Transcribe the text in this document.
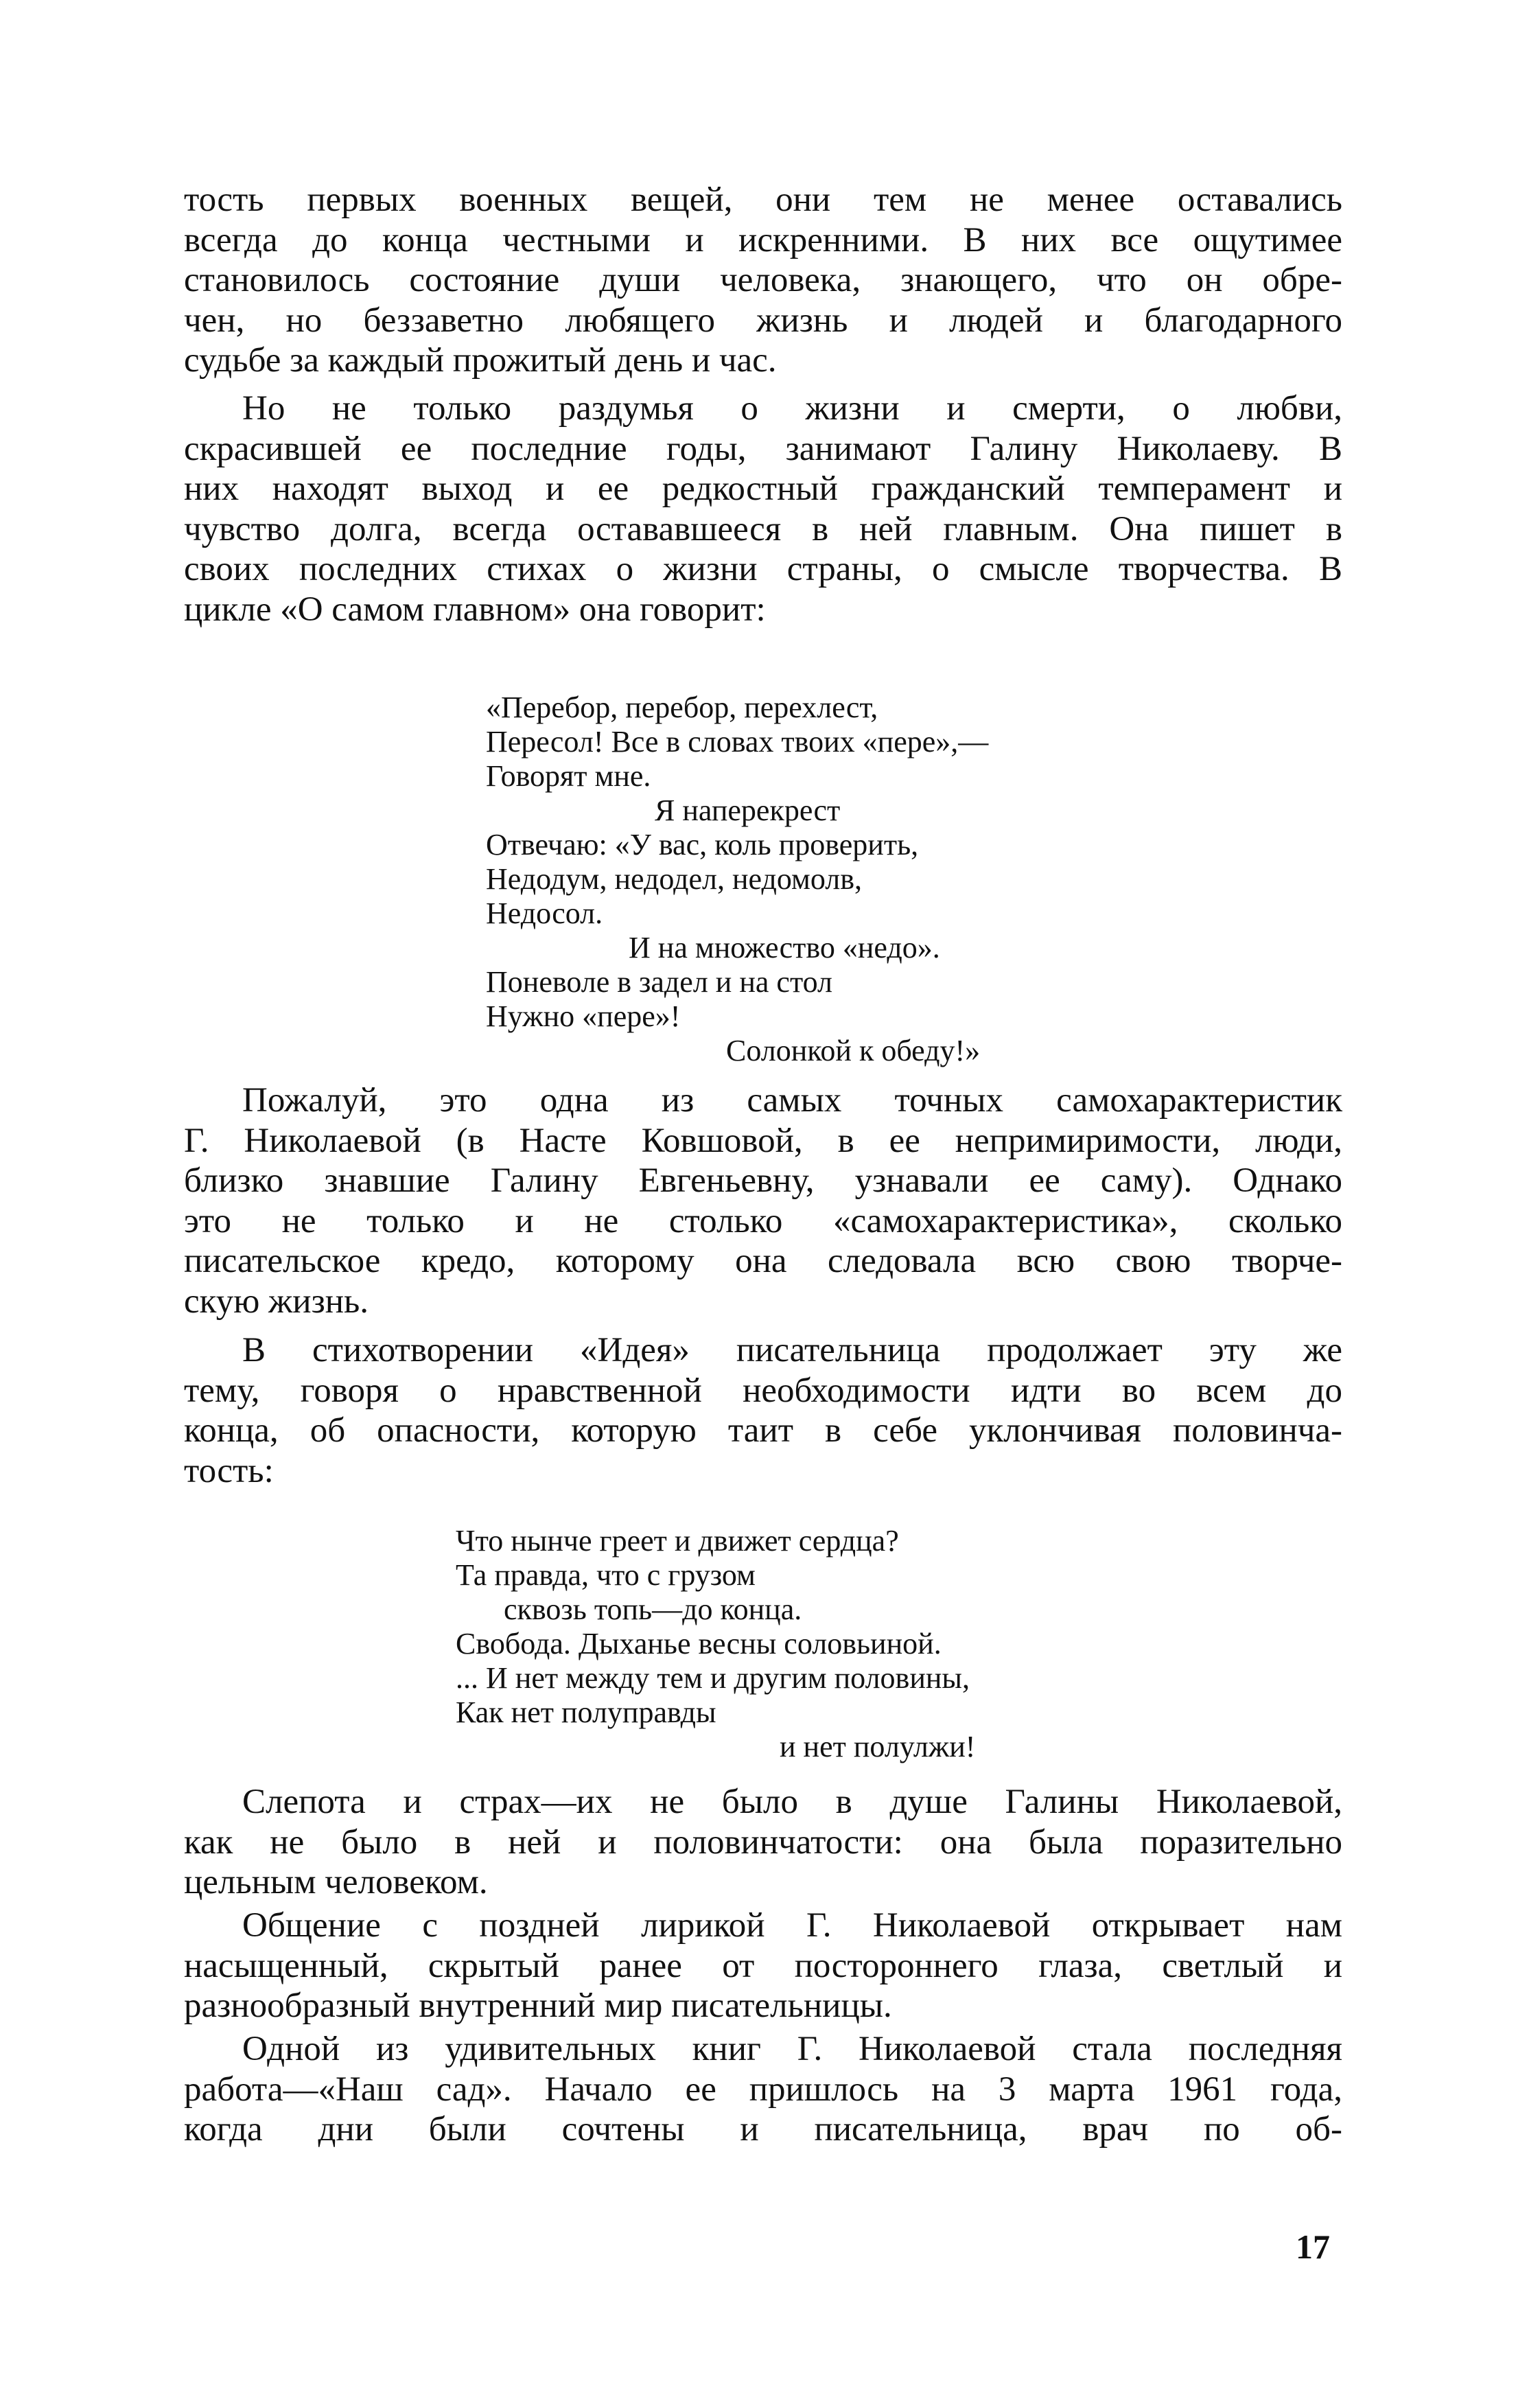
тость первых военных вещей, они тем не менее оставались
всегда до конца честными и искренними. В них все ощутимее
становилось состояние души человека, знающего, что он обре-
чен, но беззаветно любящего жизнь и людей и благодарного
судьбе за каждый прожитый день и час.
Но не только раздумья о жизни и смерти, о любви,
скрасившей ее последние годы, занимают Галину Николаеву. В
них находят выход и ее редкостный гражданский темперамент и
чувство долга, всегда остававшееся в ней главным. Она пишет в
своих последних стихах о жизни страны, о смысле творчества. В
цикле «О самом главном» она говорит:
«Перебор, перебор, перехлест,
Пересол! Все в словах твоих «пере»,—
Говорят мне.
Я наперекрест
Отвечаю: «У вас, коль проверить,
Недодум, недодел, недомолв,
Недосол.
И на множество «недо».
Поневоле в задел и на стол
Нужно «пере»!
Солонкой к обеду!»
Пожалуй, это одна из самых точных самохарактеристик
Г. Николаевой (в Насте Ковшовой, в ее непримиримости, люди,
близко знавшие Галину Евгеньевну, узнавали ее саму). Однако
это не только и не столько «самохарактеристика», сколько
писательское кредо, которому она следовала всю свою творче-
скую жизнь.
В стихотворении «Идея» писательница продолжает эту же
тему, говоря о нравственной необходимости идти во всем до
конца, об опасности, которую таит в себе уклончивая половинча-
тость:
Что нынче греет и движет сердца?
Та правда, что с грузом
сквозь топь—до конца.
Свобода. Дыханье весны соловьиной.
... И нет между тем и другим половины,
Как нет полуправды
и нет полулжи!
Слепота и страх—их не было в душе Галины Николаевой,
как не было в ней и половинчатости: она была поразительно
цельным человеком.
Общение с поздней лирикой Г. Николаевой открывает нам
насыщенный, скрытый ранее от постороннего глаза, светлый и
разнообразный внутренний мир писательницы.
Одной из удивительных книг Г. Николаевой стала последняя
работа—«Наш сад». Начало ее пришлось на 3 марта 1961 года,
когда дни были сочтены и писательница, врач по об-
17
